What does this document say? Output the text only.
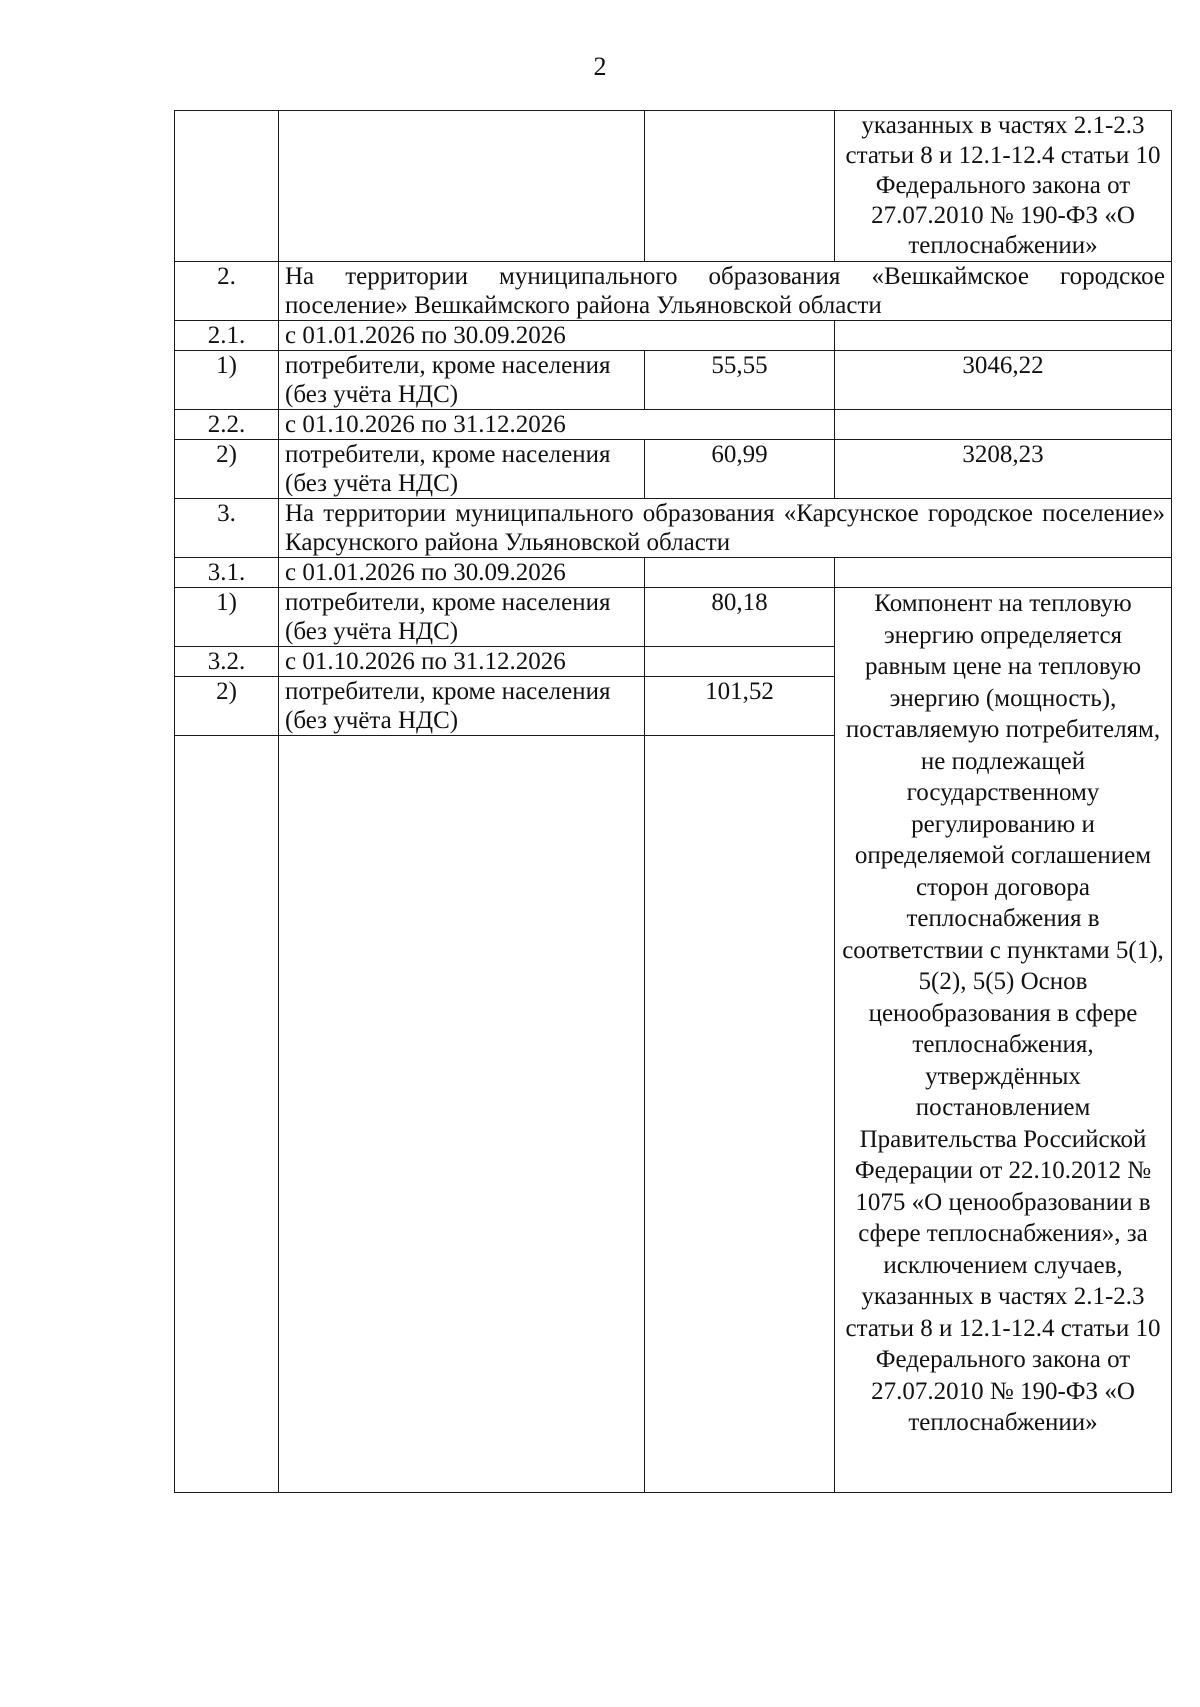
2
			указанных в частях 2.1-2.3 статьи 8 и 12.1-12.4 статьи 10 Федерального закона от 27.07.2010 № 190-ФЗ «О теплоснабжении»
2.	На территории муниципального образования «Вешкаймское городское поселение» Вешкаймского района Ульяновской области		
2.1.	с 01.01.2026 по 30.09.2026		
1)	потребители, кроме населения (без учёта НДС)	55,55	3046,22
2.2.	с 01.10.2026 по 31.12.2026		
2)	потребители, кроме населения (без учёта НДС)	60,99	3208,23
3.	На территории муниципального образования «Карсунское городское поселение» Карсунского района Ульяновской области		
3.1.	с 01.01.2026 по 30.09.2026		
1)	потребители, кроме населения (без учёта НДС)	80,18	Компонент на тепловую энергию определяется равным цене на тепловую энергию (мощность), поставляемую потребителям, не подлежащей государственному регулированию и определяемой соглашением сторон договора теплоснабжения в соответствии с пунктами 5(1), 5(2), 5(5) Основ ценообразования в сфере теплоснабжения, утверждённых постановлением Правительства Российской Федерации от 22.10.2012 № 1075 «О ценообразовании в сфере теплоснабжения», за исключением случаев, указанных в частях 2.1-2.3 статьи 8 и 12.1-12.4 статьи 10 Федерального закона от 27.07.2010 № 190-ФЗ «О теплоснабжении»
3.2.	с 01.10.2026 по 31.12.2026		
2)	потребители, кроме населения (без учёта НДС)	101,52	
